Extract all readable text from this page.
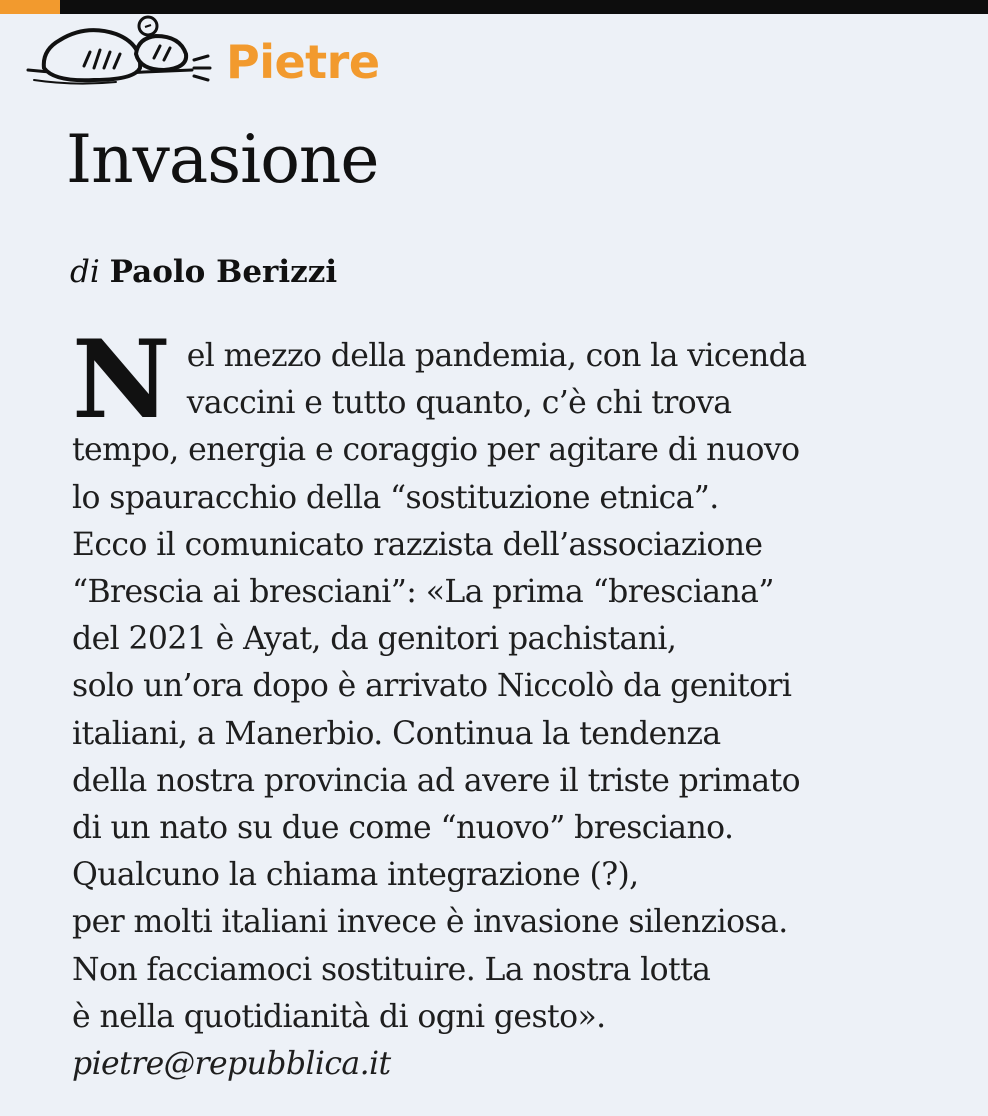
Pietre
Invasione
di Paolo Berizzi
N el mezzo della pandemia, con la vicenda
vaccini e tutto quanto, c’è chi trova
tempo, energia e coraggio per agitare di nuovo
lo spauracchio della “sostituzione etnica”.
Ecco il comunicato razzista dell’associazione
“Brescia ai bresciani”: «La prima “bresciana”
del 2021 è Ayat, da genitori pachistani,
solo un’ora dopo è arrivato Niccolò da genitori
italiani, a Manerbio. Continua la tendenza
della nostra provincia ad avere il triste primato
di un nato su due come “nuovo” bresciano.
Qualcuno la chiama integrazione (?),
per molti italiani invece è invasione silenziosa.
Non facciamoci sostituire. La nostra lotta
è nella quotidianità di ogni gesto».
pietre@repubblica.it
